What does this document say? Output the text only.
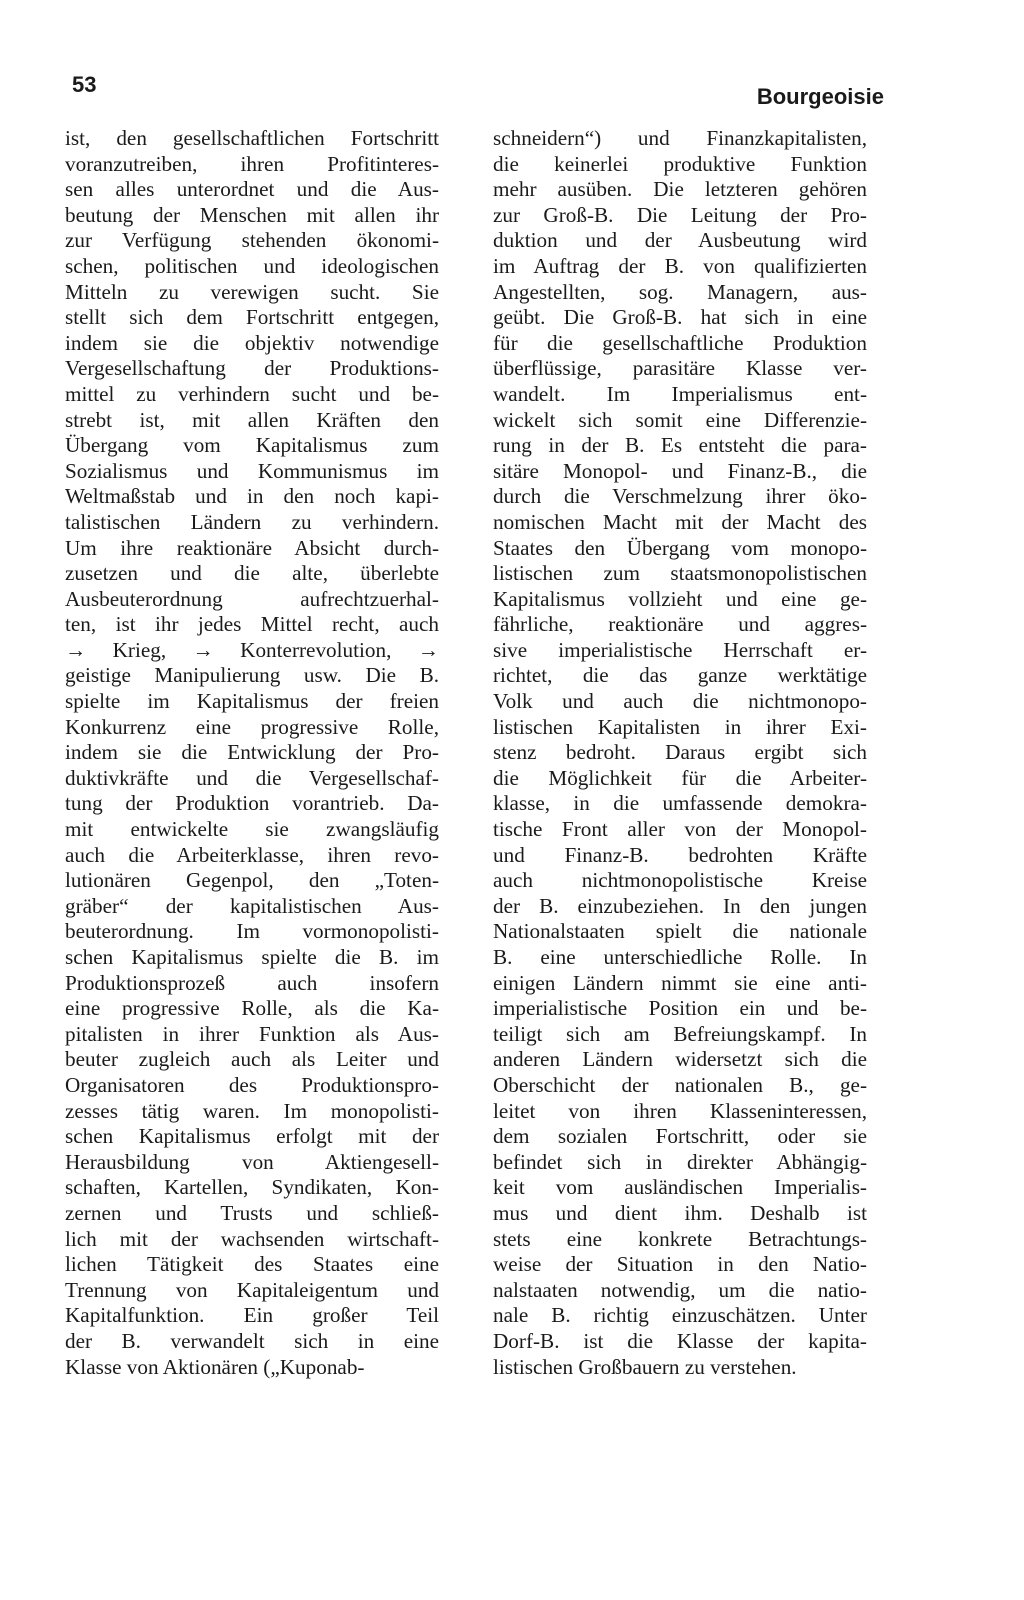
53	Bourgeoisie

ist, den gesellschaftlichen Fortschritt
voranzutreiben, ihren Profitinteres-
sen alles unterordnet und die Aus-
beutung der Menschen mit allen ihr
zur Verfügung stehenden ökonomi-
schen, politischen und ideologischen
Mitteln zu verewigen sucht. Sie
stellt sich dem Fortschritt entgegen,
indem sie die objektiv notwendige
Vergesellschaftung der Produktions-
mittel zu verhindern sucht und be-
strebt ist, mit allen Kräften den
Übergang vom Kapitalismus zum
Sozialismus und Kommunismus im
Weltmaßstab und in den noch kapi-
talistischen Ländern zu verhindern.
Um ihre reaktionäre Absicht durch-
zusetzen und die alte, überlebte
Ausbeuterordnung aufrechtzuerhal-
ten, ist ihr jedes Mittel recht, auch
→ Krieg, → Konterrevolution, →
geistige Manipulierung usw. Die B.
spielte im Kapitalismus der freien
Konkurrenz eine progressive Rolle,
indem sie die Entwicklung der Pro-
duktivkräfte und die Vergesellschaf-
tung der Produktion vorantrieb. Da-
mit entwickelte sie zwangsläufig
auch die Arbeiterklasse, ihren revo-
lutionären Gegenpol, den „Toten-
gräber“ der kapitalistischen Aus-
beuterordnung. Im vormonopolisti-
schen Kapitalismus spielte die B. im
Produktionsprozeß auch insofern
eine progressive Rolle, als die Ka-
pitalisten in ihrer Funktion als Aus-
beuter zugleich auch als Leiter und
Organisatoren des Produktionspro-
zesses tätig waren. Im monopolisti-
schen Kapitalismus erfolgt mit der
Herausbildung von Aktiengesell-
schaften, Kartellen, Syndikaten, Kon-
zernen und Trusts und schließ-
lich mit der wachsenden wirtschaft-
lichen Tätigkeit des Staates eine
Trennung von Kapitaleigentum und
Kapitalfunktion. Ein großer Teil
der B. verwandelt sich in eine
Klasse von Aktionären („Kuponab-
schneidern“) und Finanzkapitalisten,
die keinerlei produktive Funktion
mehr ausüben. Die letzteren gehören
zur Groß-B. Die Leitung der Pro-
duktion und der Ausbeutung wird
im Auftrag der B. von qualifizierten
Angestellten, sog. Managern, aus-
geübt. Die Groß-B. hat sich in eine
für die gesellschaftliche Produktion
überflüssige, parasitäre Klasse ver-
wandelt. Im Imperialismus ent-
wickelt sich somit eine Differenzie-
rung in der B. Es entsteht die para-
sitäre Monopol- und Finanz-B., die
durch die Verschmelzung ihrer öko-
nomischen Macht mit der Macht des
Staates den Übergang vom monopo-
listischen zum staatsmonopolistischen
Kapitalismus vollzieht und eine ge-
fährliche, reaktionäre und aggres-
sive imperialistische Herrschaft er-
richtet, die das ganze werktätige
Volk und auch die nichtmonopo-
listischen Kapitalisten in ihrer Exi-
stenz bedroht. Daraus ergibt sich
die Möglichkeit für die Arbeiter-
klasse, in die umfassende demokra-
tische Front aller von der Monopol-
und Finanz-B. bedrohten Kräfte
auch nichtmonopolistische Kreise
der B. einzubeziehen. In den jungen
Nationalstaaten spielt die nationale
B. eine unterschiedliche Rolle. In
einigen Ländern nimmt sie eine anti-
imperialistische Position ein und be-
teiligt sich am Befreiungskampf. In
anderen Ländern widersetzt sich die
Oberschicht der nationalen B., ge-
leitet von ihren Klasseninteressen,
dem sozialen Fortschritt, oder sie
befindet sich in direkter Abhängig-
keit vom ausländischen Imperialis-
mus und dient ihm. Deshalb ist
stets eine konkrete Betrachtungs-
weise der Situation in den Natio-
nalstaaten notwendig, um die natio-
nale B. richtig einzuschätzen. Unter
Dorf-B. ist die Klasse der kapita-
listischen Großbauern zu verstehen.
